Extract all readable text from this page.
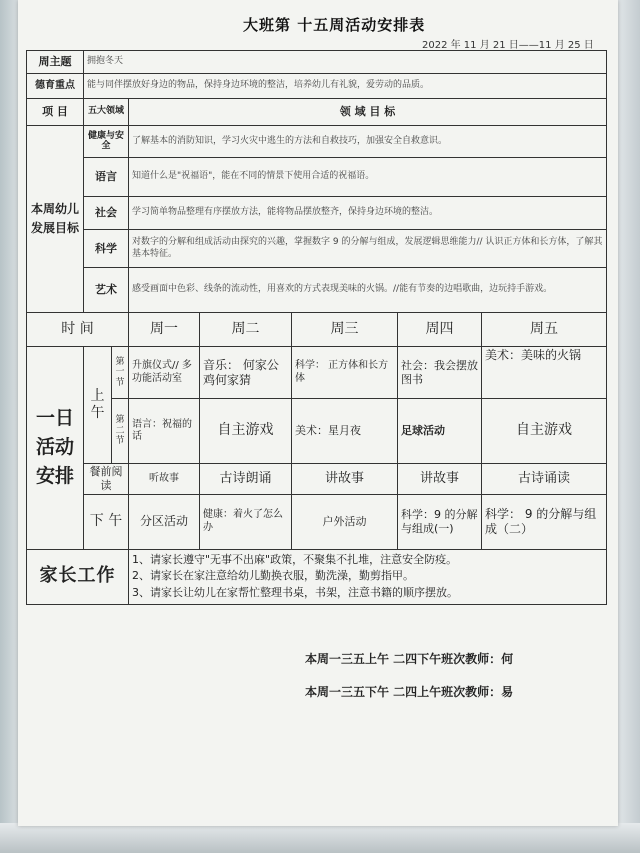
大班第 十五周活动安排表
2022 年 11 月 21 日——11 月 25 日
周主题	拥抱冬天						
德育重点	能与同伴摆放好身边的物品，保持身边环境的整洁，培养幼儿有礼貌，爱劳动的品质。						
项 目	五大领域		领 域 目 标				
本周幼儿发展目标	健康与安全		了解基本的消防知识，学习火灾中逃生的方法和自救技巧，加强安全自救意识。				
	语言		知道什么是"祝福语"，能在不同的情景下使用合适的祝福语。				
	社会		学习简单物品整理有序摆放方法，能将物品摆放整齐，保持身边环境的整洁。				
	科学		对数字的分解和组成活动由探究的兴趣，掌握数字 9 的分解与组成，发展逻辑思维能力// 认识正方体和长方体，了解其基本特征。				
	艺术		感受画面中色彩、线条的流动性，用喜欢的方式表现美味的火锅。//能有节奏的边唱歌曲，边玩持手游戏。				
时 间			周一	周二	周三	周四	周五
一日活动安排	上午	第一节	升旗仪式// 多功能活动室	音乐： 何家公鸡何家猜	科学： 正方体和长方体	社会：我会摆放图书	美术：美味的火锅
		第二节	语言：祝福的话	自主游戏	美术：星月夜	足球活动	自主游戏
	餐前阅读		听故事	古诗朗诵	讲故事	讲故事	古诗诵读
	下 午		分区活动	健康：着火了怎么办	户外活动	科学：9 的分解与组成(一)	科学： 9 的分解与组成（二）
家长工作			1、请家长遵守"无事不出麻"政策，不聚集不扎堆，注意安全防疫。
2、请家长在家注意给幼儿勤换衣服，勤洗澡，勤剪指甲。
3、请家长让幼儿在家帮忙整理书桌，书架，注意书籍的顺序摆放。				
本周一三五上午 二四下午班次教师：何
本周一三五下午 二四上午班次教师：易
